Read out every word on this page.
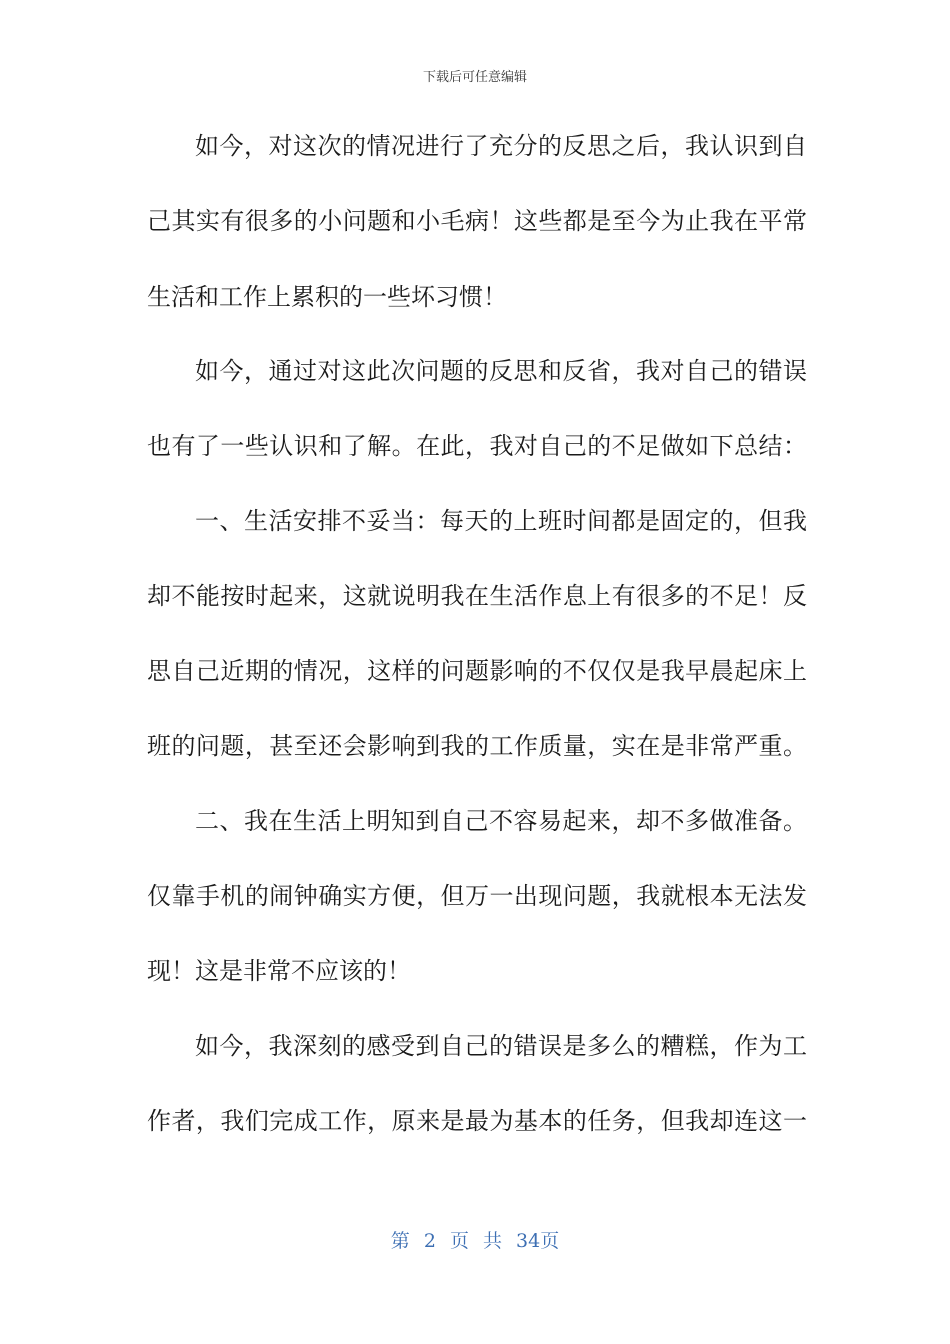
下载后可任意编辑
如今，对这次的情况进行了充分的反思之后，我认识到自
己其实有很多的小问题和小毛病！这些都是至今为止我在平常
生活和工作上累积的一些坏习惯！
如今，通过对这此次问题的反思和反省，我对自己的错误
也有了一些认识和了解。在此，我对自己的不足做如下总结：
一、生活安排不妥当：每天的上班时间都是固定的，但我
却不能按时起来，这就说明我在生活作息上有很多的不足！反
思自己近期的情况，这样的问题影响的不仅仅是我早晨起床上
班的问题，甚至还会影响到我的工作质量，实在是非常严重。
二、我在生活上明知到自己不容易起来，却不多做准备。
仅靠手机的闹钟确实方便，但万一出现问题，我就根本无法发
现！这是非常不应该的！
如今，我深刻的感受到自己的错误是多么的糟糕，作为工
作者，我们完成工作，原来是最为基本的任务，但我却连这一
第 2 页 共 34页
